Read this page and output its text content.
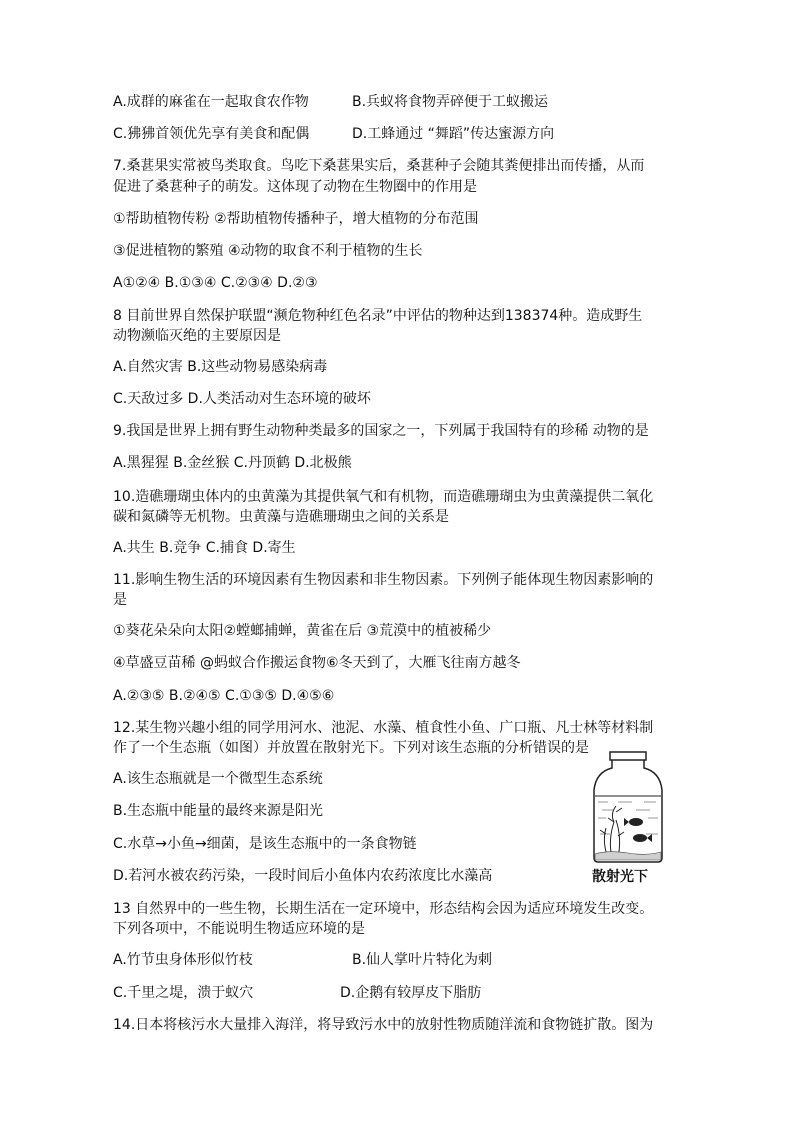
A.成群的麻雀在一起取食农作物
C.狒狒首领优先享有美食和配偶
7.桑葚果实常被鸟类取食。鸟吃下桑葚果实后，桑葚种子会随其粪便排出而传播，从而
促进了桑葚种子的萌发。这体现了动物在生物圈中的作用是
①帮助植物传粉 ②帮助植物传播种子，增大植物的分布范围
③促进植物的繁殖 ④动物的取食不利于植物的生长
A①②④ B.①③④ C.②③④ D.②③
8 目前世界自然保护联盟“濒危物种红色名录”中评估的物种达到138374种。造成野生
动物濒临灭绝的主要原因是
A.自然灾害 B.这些动物易感染病毒
C.天敌过多 D.人类活动对生态环境的破坏
9.我国是世界上拥有野生动物种类最多的国家之一，下列属于我国特有的珍稀 动物的是
A.黑猩猩 B.金丝猴 C.丹顶鹤 D.北极熊
10.造礁珊瑚虫体内的虫黄藻为其提供氧气和有机物，而造礁珊瑚虫为虫黄藻提供二氧化
碳和氮磷等无机物。虫黄藻与造礁珊瑚虫之间的关系是
A.共生 B.竞争 C.捕食 D.寄生
11.影响生物生活的环境因素有生物因素和非生物因素。下列例子能体现生物因素影响的
是
①葵花朵朵向太阳②螳螂捕蝉，黄雀在后 ③荒漠中的植被稀少
④草盛豆苗稀 @蚂蚁合作搬运食物⑥冬天到了，大雁飞往南方越冬
A.②③⑤ B.②④⑤ C.①③⑤ D.④⑤⑥
12.某生物兴趣小组的同学用河水、池泥、水藻、植食性小鱼、广口瓶、凡士林等材料制
作了一个生态瓶（如图）并放置在散射光下。下列对该生态瓶的分析错误的是
A.该生态瓶就是一个微型生态系统
B.生态瓶中能量的最终来源是阳光
C.水草→小鱼→细菌，是该生态瓶中的一条食物链
D.若河水被农药污染，一段时间后小鱼体内农药浓度比水藻高
13 自然界中的一些生物，长期生活在一定环境中，形态结构会因为适应环境发生改变。
下列各项中，不能说明生物适应环境的是
A.竹节虫身体形似竹枝
C.千里之堤，溃于蚁穴
14.日本将核污水大量排入海洋，将导致污水中的放射性物质随洋流和食物链扩散。图为
B.兵蚁将食物弄碎便于工蚁搬运
D.工蜂通过 “舞蹈”传达蜜源方向
B.仙人掌叶片特化为刺
D.企鹅有较厚皮下脂肪
散射光下
